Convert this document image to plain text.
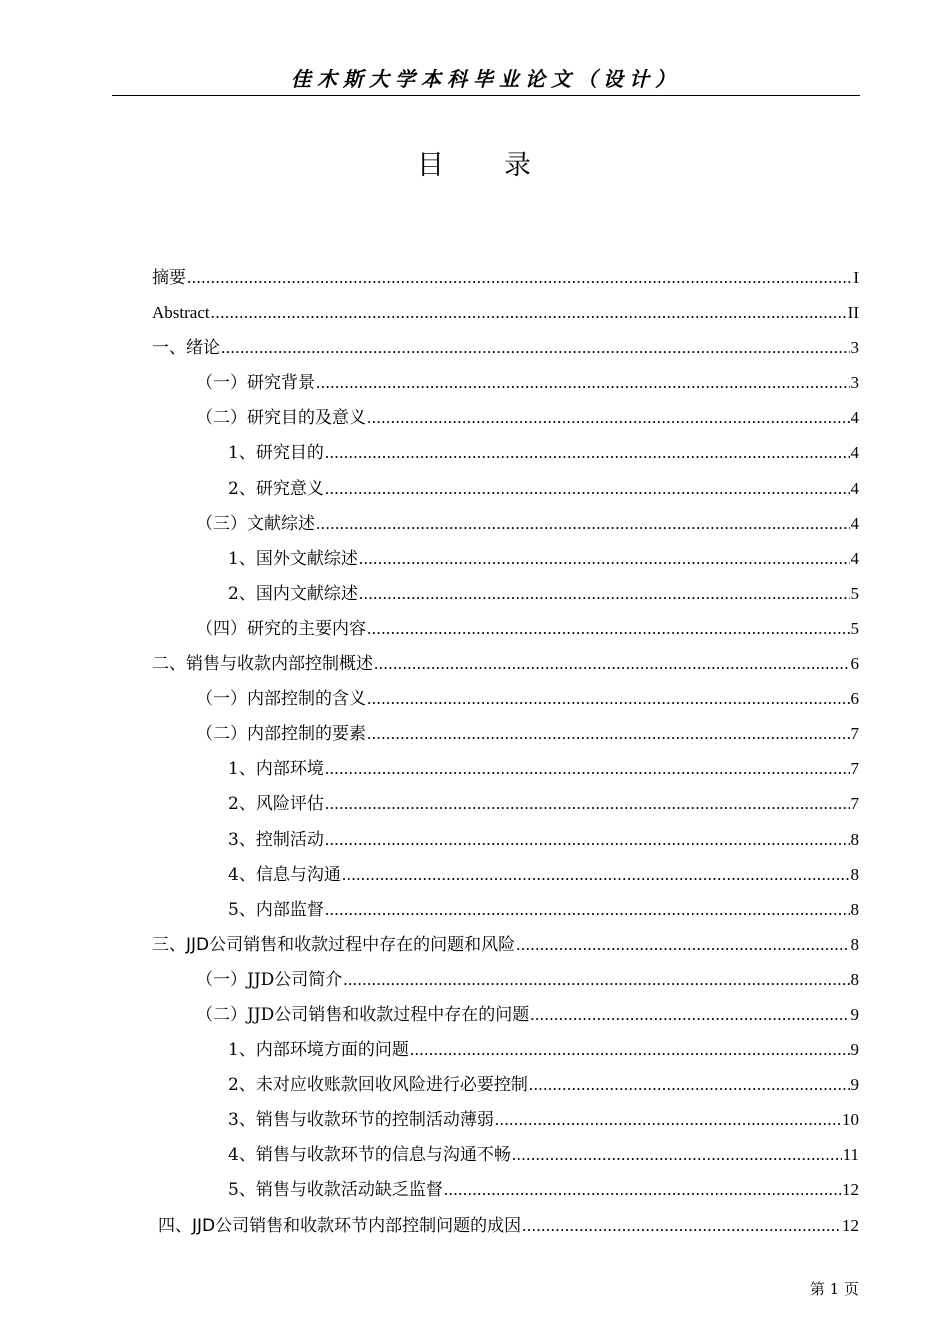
佳木斯大学本科毕业论文（设计）
目 录
摘要 .....	I
Abstract .....	II
一、绪论 .....	3
（一）研究背景 .....	3
（二）研究目的及意义 .....	4
1、研究目的 .....	4
2、研究意义 .....	4
（三）文献综述 .....	4
1、国外文献综述 .....	4
2、国内文献综述 .....	5
（四）研究的主要内容 .....	5
二、销售与收款内部控制概述 .....	6
（一）内部控制的含义 .....	6
（二）内部控制的要素 .....	7
1、内部环境 .....	7
2、风险评估 .....	7
3、控制活动 .....	8
4、信息与沟通 .....	8
5、内部监督 .....	8
三、JJD公司销售和收款过程中存在的问题和风险 .....	8
（一）JJD公司简介 .....	8
（二）JJD公司销售和收款过程中存在的问题 .....	9
1、内部环境方面的问题 .....	9
2、未对应收账款回收风险进行必要控制 .....	9
3、销售与收款环节的控制活动薄弱 .....	10
4、销售与收款环节的信息与沟通不畅 .....	11
5、销售与收款活动缺乏监督 .....	12
四、JJD公司销售和收款环节内部控制问题的成因 .....	12
第 1 页
